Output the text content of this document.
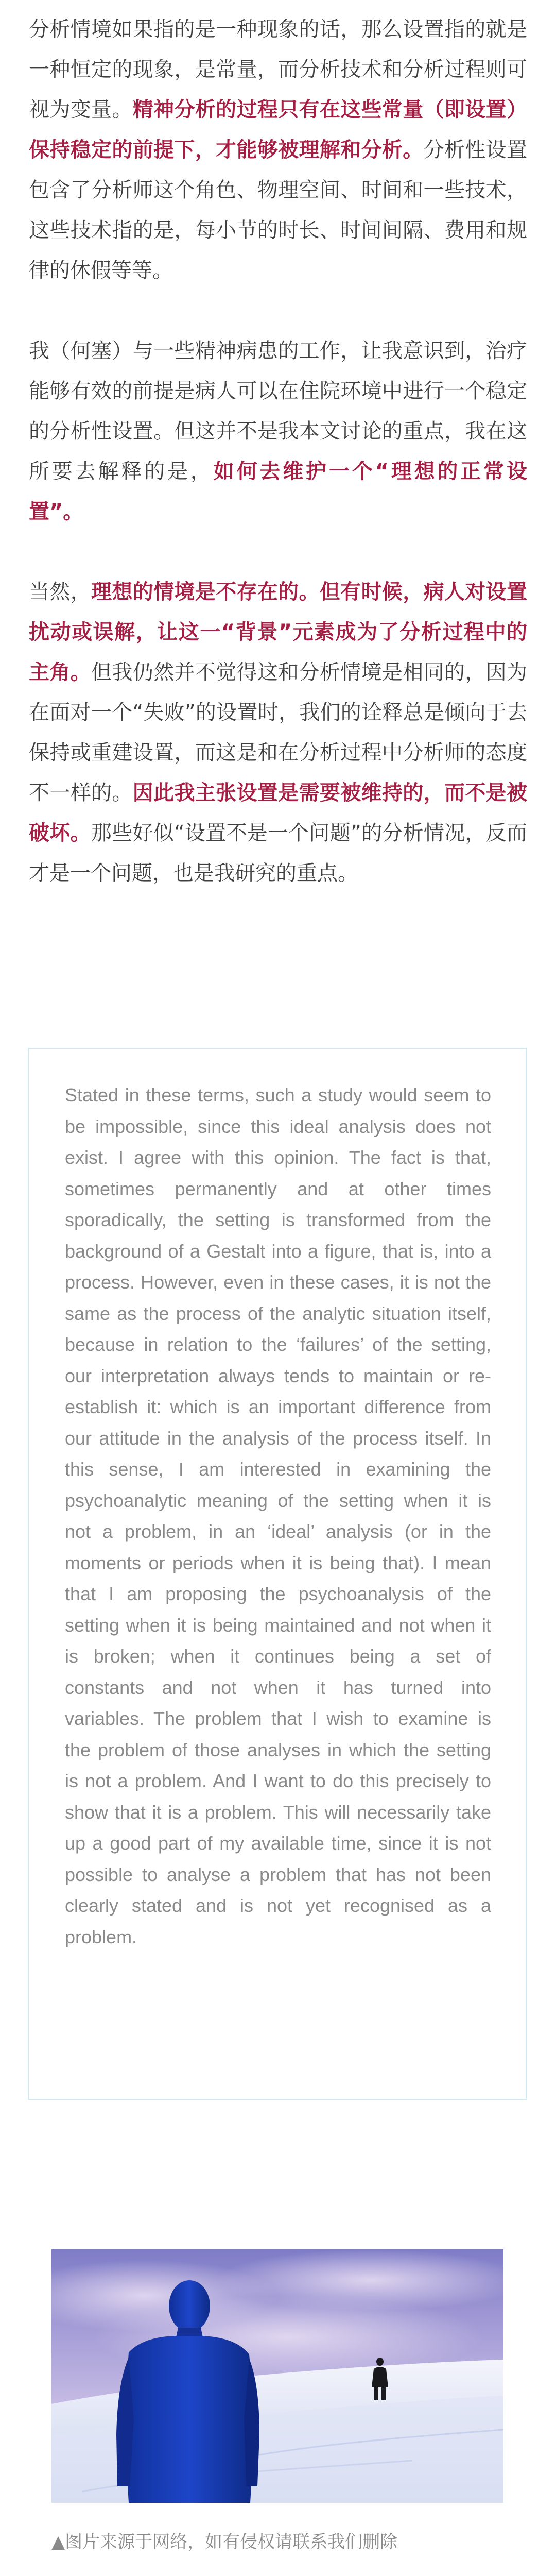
分析情境如果指的是一种现象的话，那么设置指的就是一种恒定的现象，是常量，而分析技术和分析过程则可视为变量。精神分析的过程只有在这些常量（即设置）保持稳定的前提下，才能够被理解和分析。分析性设置包含了分析师这个角色、物理空间、时间和一些技术，这些技术指的是，每小节的时长、时间间隔、费用和规律的休假等等。

我（何塞）与一些精神病患的工作，让我意识到，治疗能够有效的前提是病人可以在住院环境中进行一个稳定的分析性设置。但这并不是我本文讨论的重点，我在这所要去解释的是，如何去维护一个“理想的正常设置”。

当然，理想的情境是不存在的。但有时候，病人对设置扰动或误解，让这一“背景”元素成为了分析过程中的主角。但我仍然并不觉得这和分析情境是相同的，因为在面对一个“失败”的设置时，我们的诠释总是倾向于去保持或重建设置，而这是和在分析过程中分析师的态度不一样的。因此我主张设置是需要被维持的，而不是被破坏。那些好似“设置不是一个问题”的分析情况，反而才是一个问题，也是我研究的重点。

Stated in these terms, such a study would seem to be impossible, since this ideal analysis does not exist. I agree with this opinion. The fact is that, sometimes permanently and at other times sporadically, the setting is transformed from the background of a Gestalt into a figure, that is, into a process. However, even in these cases, it is not the same as the process of the analytic situation itself, because in relation to the ‘failures’ of the setting, our interpretation always tends to maintain or re-establish it: which is an important difference from our attitude in the analysis of the process itself. In this sense, I am interested in examining the psychoanalytic meaning of the setting when it is not a problem, in an ‘ideal’ analysis (or in the moments or periods when it is being that). I mean that I am proposing the psychoanalysis of the setting when it is being maintained and not when it is broken; when it continues being a set of constants and not when it has turned into variables. The problem that I wish to examine is the problem of those analyses in which the setting is not a problem. And I want to do this precisely to show that it is a problem. This will necessarily take up a good part of my available time, since it is not possible to analyse a problem that has not been clearly stated and is not yet recognised as a problem.

▲图片来源于网络，如有侵权请联系我们删除
